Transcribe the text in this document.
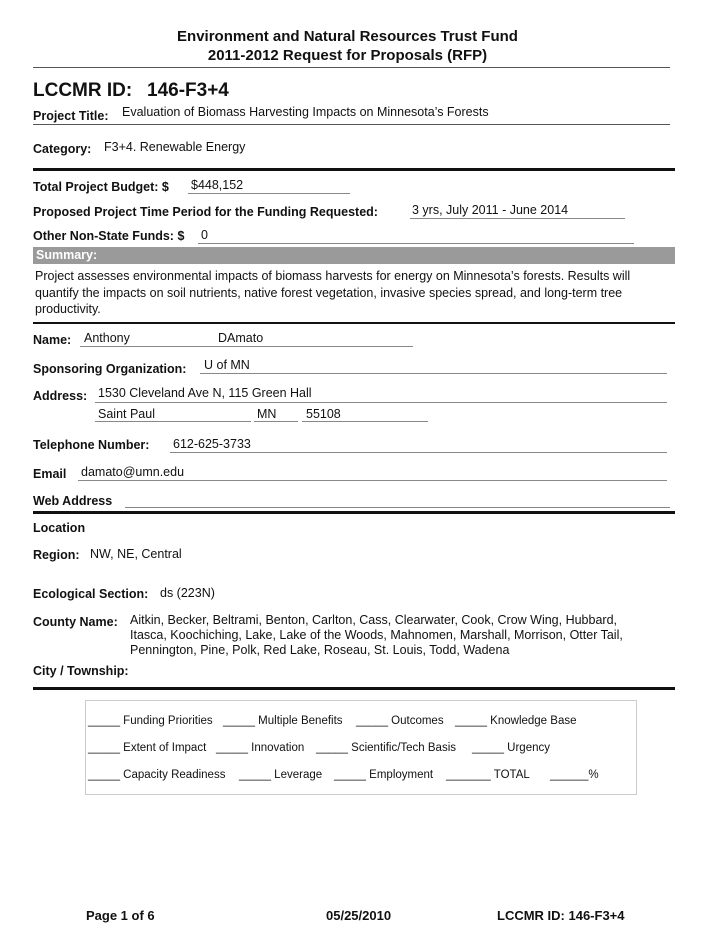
Environment and Natural Resources Trust Fund
2011-2012 Request for Proposals (RFP)
LCCMR ID: 146-F3+4
Project Title: Evaluation of Biomass Harvesting Impacts on Minnesota’s Forests
Category: F3+4. Renewable Energy
Total Project Budget: $ $448,152
Proposed Project Time Period for the Funding Requested:	3 yrs, July 2011 - June 2014
Other Non-State Funds: $ 0
Summary:
Project assesses environmental impacts of biomass harvests for energy on Minnesota’s forests. Results will quantify the impacts on soil nutrients, native forest vegetation, invasive species spread, and long-term tree productivity.
Name: Anthony	DAmato
Sponsoring Organization: U of MN
Address: 1530 Cleveland Ave N, 115 Green Hall
Saint Paul	MN 55108
Telephone Number: 612-625-3733
Email damato@umn.edu
Web Address
Location
Region: NW, NE, Central
Ecological Section: ds (223N)
County Name: Aitkin, Becker, Beltrami, Benton, Carlton, Cass, Clearwater, Cook, Crow Wing, Hubbard,
Itasca, Koochiching, Lake, Lake of the Woods, Mahnomen, Marshall, Morrison, Otter Tail,
Pennington, Pine, Polk, Red Lake, Roseau, St. Louis, Todd, Wadena
City / Township:
_____ Funding Priorities _____ Multiple Benefits _____ Outcomes _____ Knowledge Base
_____ Extent of Impact _____ Innovation _____ Scientific/Tech Basis _____ Urgency
_____ Capacity Readiness _____ Leverage _____ Employment _______ TOTAL ______%
Page 1 of 6	05/25/2010	LCCMR ID: 146-F3+4
